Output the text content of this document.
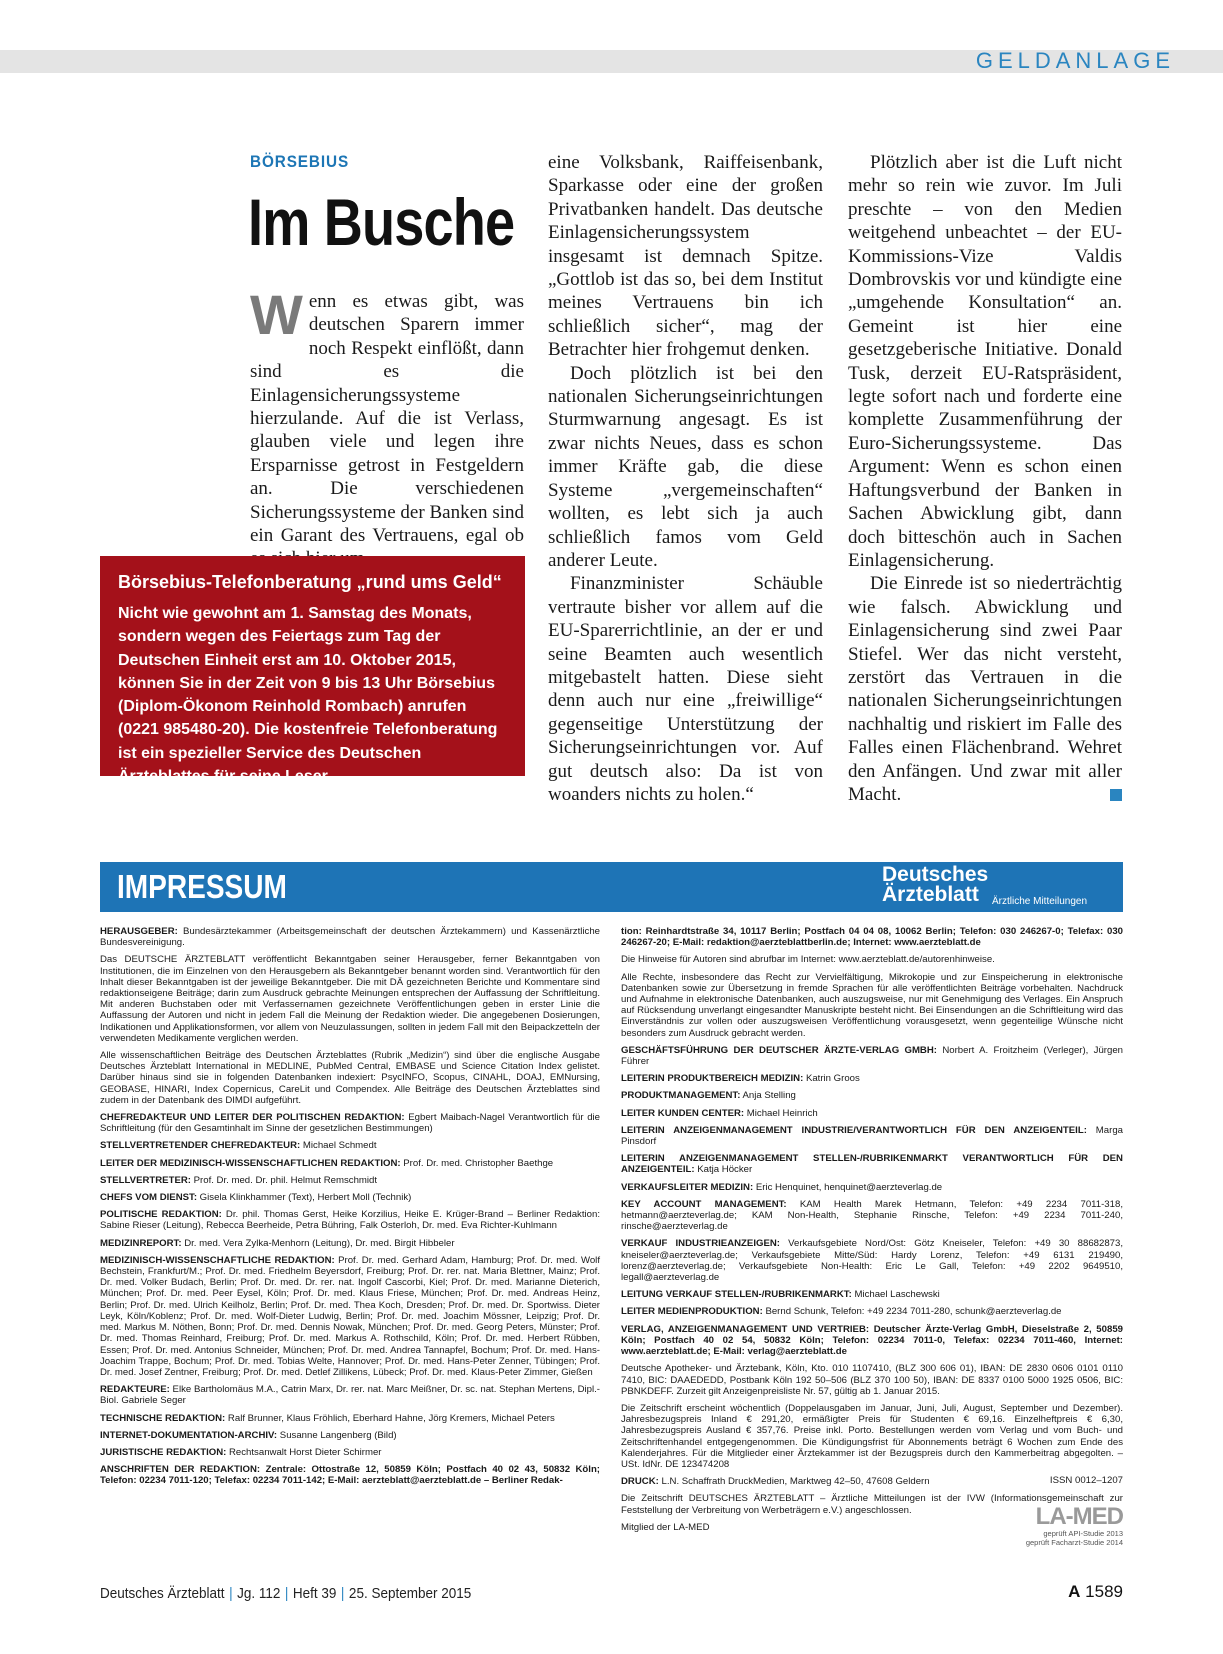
GELDANLAGE
BÖRSEBIUS
Im Busche

Wenn es etwas gibt, was deutschen Sparern immer noch Respekt einflößt, dann sind es die Einlagensicherungssysteme hierzulande. Auf die ist Verlass, glauben viele und legen ihre Ersparnisse getrost in Festgeldern an. Die verschiedenen Sicherungssysteme der Banken sind ein Garant des Vertrauens, egal ob

eine Volksbank, Raiffeisenbank, Sparkasse oder eine der großen Privatbanken handelt. Das deutsche Einlagensicherungssystem insgesamt ist demnach Spitze. „Gottlob ist das so, bei dem Institut meines Vertrauens bin ich schließlich sicher“, mag der Betrachter hier frohgemut denken.

Doch plötzlich ist bei den nationalen Sicherungseinrichtungen Sturmwarnung angesagt. Es ist zwar nichts Neues, dass es schon immer Kräfte gab, die diese Systeme „vergemeinschaften“ wollten, es lebt sich ja auch schließlich famos vom Geld anderer Leute.

Finanzminister Schäuble vertraute bisher vor allem auf die EU-Sparerrichtlinie, an der er und seine Beamten auch wesentlich mitgebastelt hatten. Diese sieht denn auch nur eine „freiwillige“ gegenseitige Unterstützung der Sicherungseinrichtungen vor. Auf gut deutsch also: Da ist von woanders nichts zu holen.“

Plötzlich aber ist die Luft nicht mehr so rein wie zuvor. Im Juli preschte – von den Medien weitgehend unbeachtet – der EU-Kommissions-Vize Valdis Dombrovskis vor und kündigte eine „umgehende Konsultation“ an. Gemeint ist hier eine gesetzgeberische Initiative. Donald Tusk, derzeit EU-Ratspräsident, legte sofort nach und forderte eine komplette Zusammenführung der Euro-Sicherungssysteme. Das Argument: Wenn es schon einen Haftungsverbund der Banken in Sachen Abwicklung gibt, dann doch bitteschön auch in Sachen Einlagensicherung.

Die Einrede ist so niederträchtig wie falsch. Abwicklung und Einlagensicherung sind zwei Paar Stiefel. Wer das nicht versteht, zerstört das Vertrauen in die nationalen Sicherungseinrichtungen nachhaltig und riskiert im Falle des Falles einen Flächenbrand. Wehret den Anfängen. Und zwar mit aller Macht.

Börsebius-Telefonberatung „rund ums Geld“
Nicht wie gewohnt am 1. Samstag des Monats, sondern wegen des Feiertags zum Tag der Deutschen Einheit erst am 10. Oktober 2015, können Sie in der Zeit von 9 bis 13 Uhr Börsebius (Diplom-Ökonom Reinhold Rombach) anrufen (0221 985480-20). Die kostenfreie Telefonberatung ist ein spezieller Service des Deutschen Ärzteblattes für seine Leser.
IMPRESSUM	Deutsches
Ärzteblatt Ärztliche Mitteilungen

HERAUSGEBER: Bundesärztekammer (Arbeitsgemeinschaft der deutschen Ärztekammern) und Kassenärztliche Bundesvereinigung.

Das DEUTSCHE ÄRZTEBLATT veröffentlicht Bekanntgaben seiner Herausgeber, ferner Bekanntgaben von Institutionen, die im Einzelnen von den Herausgebern als Bekanntgeber benannt worden sind. Verantwortlich für den Inhalt dieser Bekanntgaben ist der jeweilige Bekanntgeber. Die mit DÄ gezeichneten Berichte und Kommentare sind redaktionseigene Beiträge; darin zum Ausdruck gebrachte Meinungen entsprechen der Auffassung der Schriftleitung. Mit anderen Buchstaben oder mit Verfassernamen gezeichnete Veröffentlichungen geben in erster Linie die Auffassung der Autoren und nicht in jedem Fall die Meinung der Redaktion wieder. Die angegebenen Dosierungen, Indikationen und Applikationsformen, vor allem von Neuzulassungen, sollten in jedem Fall mit den Beipackzetteln der verwendeten Medikamente verglichen werden.

Alle wissenschaftlichen Beiträge des Deutschen Ärzteblattes (Rubrik „Medizin“) sind über die englische Ausgabe Deutsches Ärzteblatt International in MEDLINE, PubMed Central, EMBASE und Science Citation Index gelistet. Darüber hinaus sind sie in folgenden Datenbanken indexiert: PsycINFO, Scopus, CINAHL, DOAJ, EMNursing, GEOBASE, HINARI, Index Copernicus, CareLit und Compendex. Alle Beiträge des Deutschen Ärzteblattes sind zudem in der Datenbank des DIMDI aufgeführt.

CHEFREDAKTEUR UND LEITER DER POLITISCHEN REDAKTION: Egbert Maibach-Nagel Verantwortlich für die Schriftleitung (für den Gesamtinhalt im Sinne der gesetzlichen Bestimmungen)

STELLVERTRETENDER CHEFREDAKTEUR: Michael Schmedt

LEITER DER MEDIZINISCH-WISSENSCHAFTLICHEN REDAKTION: Prof. Dr. med. Christopher Baethge

STELLVERTRETER: Prof. Dr. med. Dr. phil. Helmut Remschmidt

CHEFS VOM DIENST: Gisela Klinkhammer (Text), Herbert Moll (Technik)

POLITISCHE REDAKTION: Dr. phil. Thomas Gerst, Heike Korzilius, Heike E. Krüger-Brand – Berliner Redaktion: Sabine Rieser (Leitung), Rebecca Beerheide, Petra Bühring, Falk Osterloh, Dr. med. Eva Richter-Kuhlmann

MEDIZINREPORT: Dr. med. Vera Zylka-Menhorn (Leitung), Dr. med. Birgit Hibbeler

MEDIZINISCH-WISSENSCHAFTLICHE REDAKTION: Prof. Dr. med. Gerhard Adam, Hamburg; Prof. Dr. med. Wolf Bechstein, Frankfurt/M.; Prof. Dr. med. Friedhelm Beyersdorf, Freiburg; Prof. Dr. rer. nat. Maria Blettner, Mainz; Prof. Dr. med. Volker Budach, Berlin; Prof. Dr. med. Dr. rer. nat. Ingolf Cascorbi, Kiel; Prof. Dr. med. Marianne Dieterich, München; Prof. Dr. med. Peer Eysel, Köln; Prof. Dr. med. Klaus Friese, München; Prof. Dr. med. Andreas Heinz, Berlin; Prof. Dr. med. Ulrich Keilholz, Berlin; Prof. Dr. med. Thea Koch, Dresden; Prof. Dr. med. Dr. Sportwiss. Dieter Leyk, Köln/Koblenz; Prof. Dr. med. Wolf-Dieter Ludwig, Berlin; Prof. Dr. med. Joachim Mössner, Leipzig; Prof. Dr. med. Markus M. Nöthen, Bonn; Prof. Dr. med. Dennis Nowak, München; Prof. Dr. med. Georg Peters, Münster; Prof. Dr. med. Thomas Reinhard, Freiburg; Prof. Dr. med. Markus A. Rothschild, Köln; Prof. Dr. med. Herbert Rübben, Essen; Prof. Dr. med. Antonius Schneider, München; Prof. Dr. med. Andrea Tannapfel, Bochum; Prof. Dr. med. Hans-Joachim Trappe, Bochum; Prof. Dr. med. Tobias Welte, Hannover; Prof. Dr. med. Hans-Peter Zenner, Tübingen; Prof. Dr. med. Josef Zentner, Freiburg; Prof. Dr. med. Detlef Zillikens, Lübeck; Prof. Dr. med. Klaus-Peter Zimmer, Gießen

REDAKTEURE: Elke Bartholomäus M.A., Catrin Marx, Dr. rer. nat. Marc Meißner, Dr. sc. nat. Stephan Mertens, Dipl.-Biol. Gabriele Seger

TECHNISCHE REDAKTION: Ralf Brunner, Klaus Fröhlich, Eberhard Hahne, Jörg Kremers, Michael Peters

INTERNET-DOKUMENTATION-ARCHIV: Susanne Langenberg (Bild)

JURISTISCHE REDAKTION: Rechtsanwalt Horst Dieter Schirmer

ANSCHRIFTEN DER REDAKTION: Zentrale: Ottostraße 12, 50859 Köln; Postfach 40 02 43, 50832 Köln; Telefon: 02234 7011-120; Telefax: 02234 7011-142; E-Mail: aerzteblatt@aerzteblatt.de – Berliner Redak-

tion: Reinhardtstraße 34, 10117 Berlin; Postfach 04 04 08, 10062 Berlin; Telefon: 030 246267-0; Telefax: 030 246267-20; E-Mail: redaktion@aerzteblattberlin.de; Internet: www.aerzteblatt.de

Die Hinweise für Autoren sind abrufbar im Internet: www.aerzteblatt.de/autorenhinweise.

Alle Rechte, insbesondere das Recht zur Vervielfältigung, Mikrokopie und zur Einspeicherung in elektronische Datenbanken sowie zur Übersetzung in fremde Sprachen für alle veröffentlichten Beiträge vorbehalten. Nachdruck und Aufnahme in elektronische Datenbanken, auch auszugsweise, nur mit Genehmigung des Verlages. Ein Anspruch auf Rücksendung unverlangt eingesandter Manuskripte besteht nicht. Bei Einsendungen an die Schriftleitung wird das Einverständnis zur vollen oder auszugsweisen Veröffentlichung vorausgesetzt, wenn gegenteilige Wünsche nicht besonders zum Ausdruck gebracht werden.

GESCHÄFTSFÜHRUNG DER DEUTSCHER ÄRZTE-VERLAG GMBH: Norbert A. Froitzheim (Verleger), Jürgen Führer

LEITERIN PRODUKTBEREICH MEDIZIN: Katrin Groos

PRODUKTMANAGEMENT: Anja Stelling

LEITER KUNDEN CENTER: Michael Heinrich

LEITERIN ANZEIGENMANAGEMENT INDUSTRIE/VERANTWORTLICH FÜR DEN ANZEIGENTEIL: Marga Pinsdorf

LEITERIN ANZEIGENMANAGEMENT STELLEN-/RUBRIKENMARKT VERANTWORTLICH FÜR DEN ANZEIGENTEIL: Katja Höcker

VERKAUFSLEITER MEDIZIN: Eric Henquinet, henquinet@aerzteverlag.de

KEY ACCOUNT MANAGEMENT: KAM Health Marek Hetmann, Telefon: +49 2234 7011-318, hetmann@aerzteverlag.de; KAM Non-Health, Stephanie Rinsche, Telefon: +49 2234 7011-240, rinsche@aerzteverlag.de

VERKAUF INDUSTRIEANZEIGEN: Verkaufsgebiete Nord/Ost: Götz Kneiseler, Telefon: +49 30 88682873, kneiseler@aerzteverlag.de; Verkaufsgebiete Mitte/Süd: Hardy Lorenz, Telefon: +49 6131 219490, lorenz@aerzteverlag.de; Verkaufsgebiete Non-Health: Eric Le Gall, Telefon: +49 2202 9649510, legall@aerzteverlag.de

LEITUNG VERKAUF STELLEN-/RUBRIKENMARKT: Michael Laschewski

LEITER MEDIENPRODUKTION: Bernd Schunk, Telefon: +49 2234 7011-280, schunk@aerzteverlag.de

VERLAG, ANZEIGENMANAGEMENT UND VERTRIEB: Deutscher Ärzte-Verlag GmbH, Dieselstraße 2, 50859 Köln; Postfach 40 02 54, 50832 Köln; Telefon: 02234 7011-0, Telefax: 02234 7011-460, Internet: www.aerzteblatt.de; E-Mail: verlag@aerzteblatt.de

Deutsche Apotheker- und Ärztebank, Köln, Kto. 010 1107410, (BLZ 300 606 01), IBAN: DE 2830 0606 0101 0110 7410, BIC: DAAEDEDD, Postbank Köln 192 50–506 (BLZ 370 100 50), IBAN: DE 8337 0100 5000 1925 0506, BIC: PBNKDEFF. Zurzeit gilt Anzeigenpreisliste Nr. 57, gültig ab 1. Januar 2015.

Die Zeitschrift erscheint wöchentlich (Doppelausgaben im Januar, Juni, Juli, August, September und Dezember). Jahresbezugspreis Inland € 291,20, ermäßigter Preis für Studenten € 69,16. Einzelheftpreis € 6,30, Jahresbezugspreis Ausland € 357,76. Preise inkl. Porto. Bestellungen werden vom Verlag und vom Buch- und Zeitschriftenhandel entgegengenommen. Die Kündigungsfrist für Abonnements beträgt 6 Wochen zum Ende des Kalenderjahres. Für die Mitglieder einer Ärztekammer ist der Bezugspreis durch den Kammerbeitrag abgegolten. – USt. IdNr. DE 123474208

DRUCK: L.N. Schaffrath DruckMedien, Marktweg 42–50, 47608 Geldern

Die Zeitschrift DEUTSCHES ÄRZTEBLATT – Ärztliche Mitteilungen ist der IVW (Informationsgemeinschaft zur Feststellung der Verbreitung von Werbeträgern e.V.) angeschlossen.

Mitglied der LA-MED

ISSN 0012–1207
LA-MED
geprüft API-Studie 2013
geprüft Facharzt-Studie 2014
Deutsches Ärzteblatt | Jg. 112 | Heft 39 | 25. September 2015	A 1589
